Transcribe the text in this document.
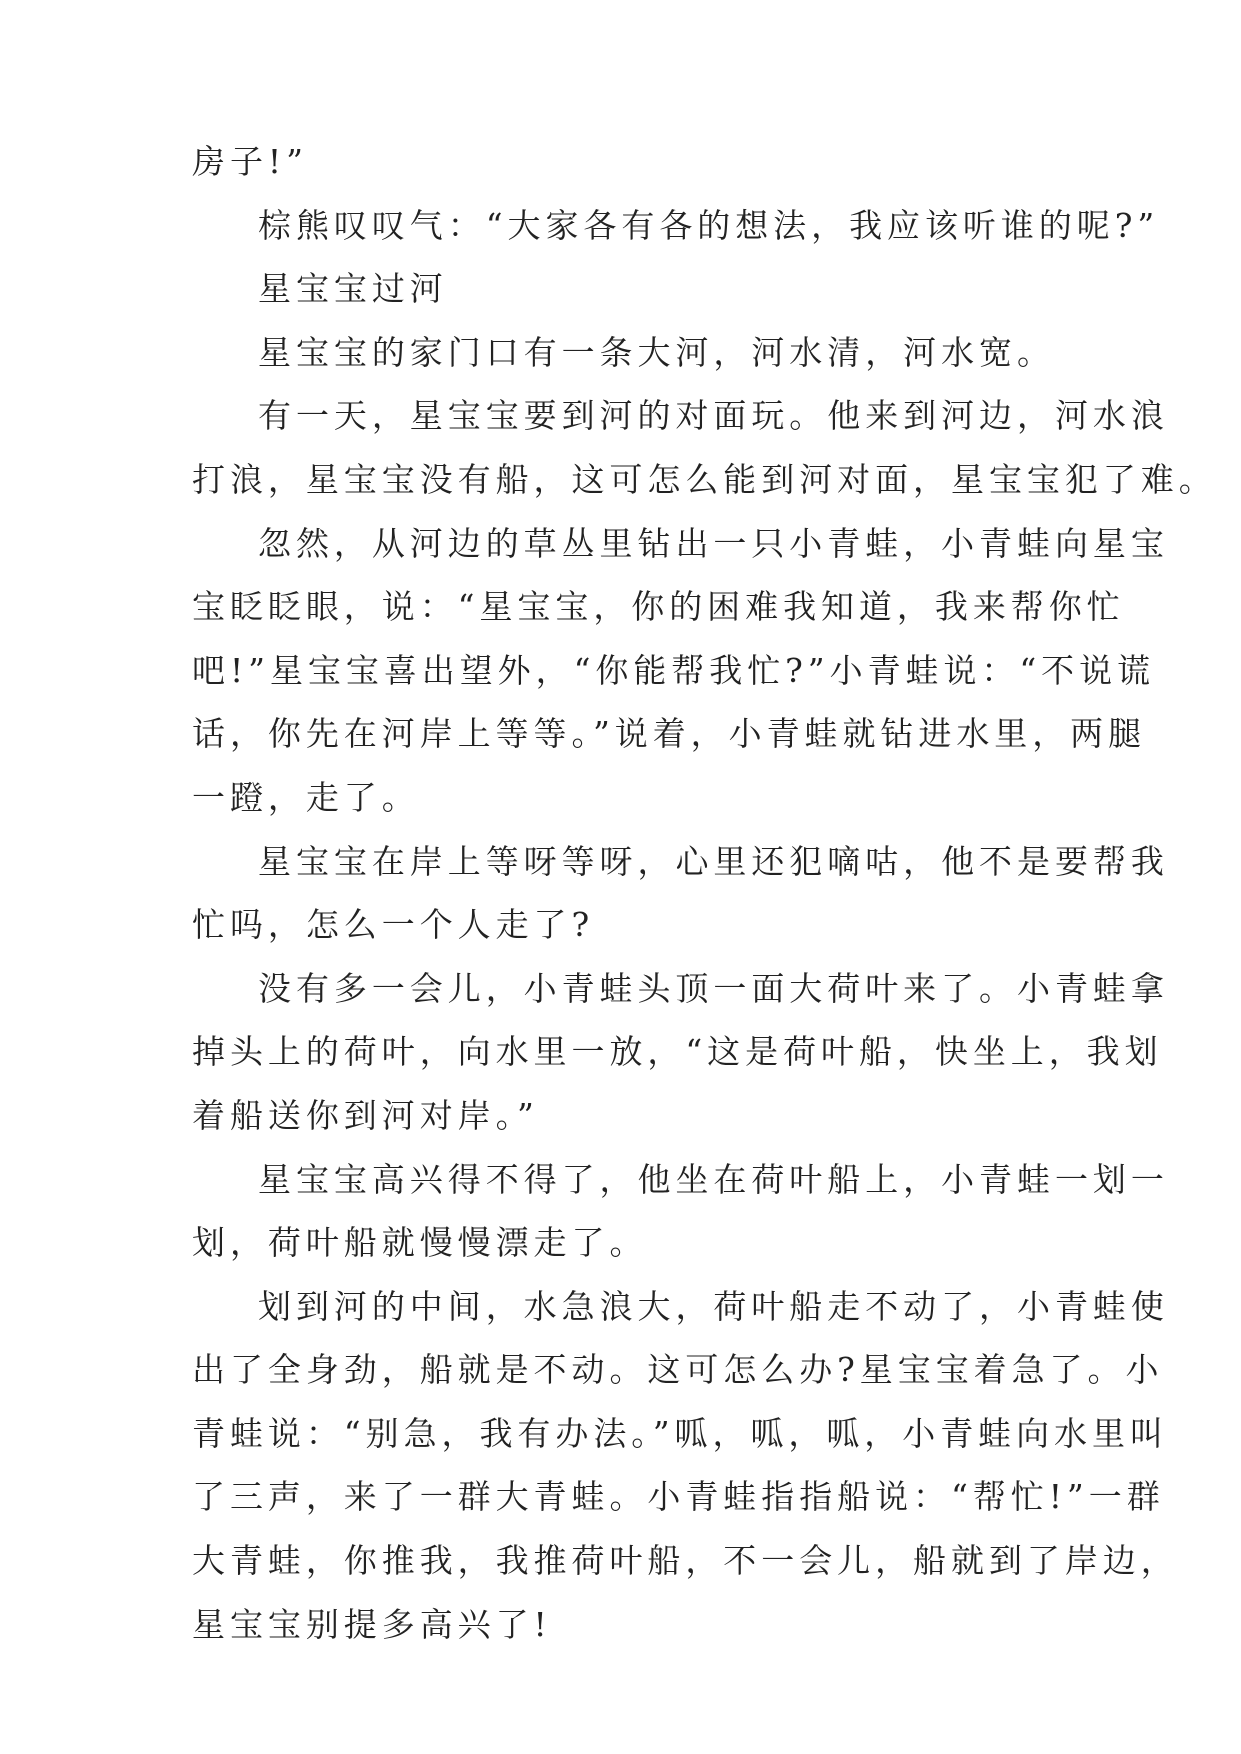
房子!”
棕熊叹叹气：“大家各有各的想法，我应该听谁的呢?”
星宝宝过河
星宝宝的家门口有一条大河，河水清，河水宽。
有一天，星宝宝要到河的对面玩。他来到河边，河水浪
打浪，星宝宝没有船，这可怎么能到河对面，星宝宝犯了难。
忽然，从河边的草丛里钻出一只小青蛙，小青蛙向星宝
宝眨眨眼，说：“星宝宝，你的困难我知道，我来帮你忙
吧!”星宝宝喜出望外，“你能帮我忙?”小青蛙说：“不说谎
话，你先在河岸上等等。”说着，小青蛙就钻进水里，两腿
一蹬，走了。
星宝宝在岸上等呀等呀，心里还犯嘀咕，他不是要帮我
忙吗，怎么一个人走了?
没有多一会儿，小青蛙头顶一面大荷叶来了。小青蛙拿
掉头上的荷叶，向水里一放，“这是荷叶船，快坐上，我划
着船送你到河对岸。”
星宝宝高兴得不得了，他坐在荷叶船上，小青蛙一划一
划，荷叶船就慢慢漂走了。
划到河的中间，水急浪大，荷叶船走不动了，小青蛙使
出了全身劲，船就是不动。这可怎么办?星宝宝着急了。小
青蛙说：“别急，我有办法。”呱，呱，呱，小青蛙向水里叫
了三声，来了一群大青蛙。小青蛙指指船说：“帮忙!”一群
大青蛙，你推我，我推荷叶船，不一会儿，船就到了岸边，
星宝宝别提多高兴了!
